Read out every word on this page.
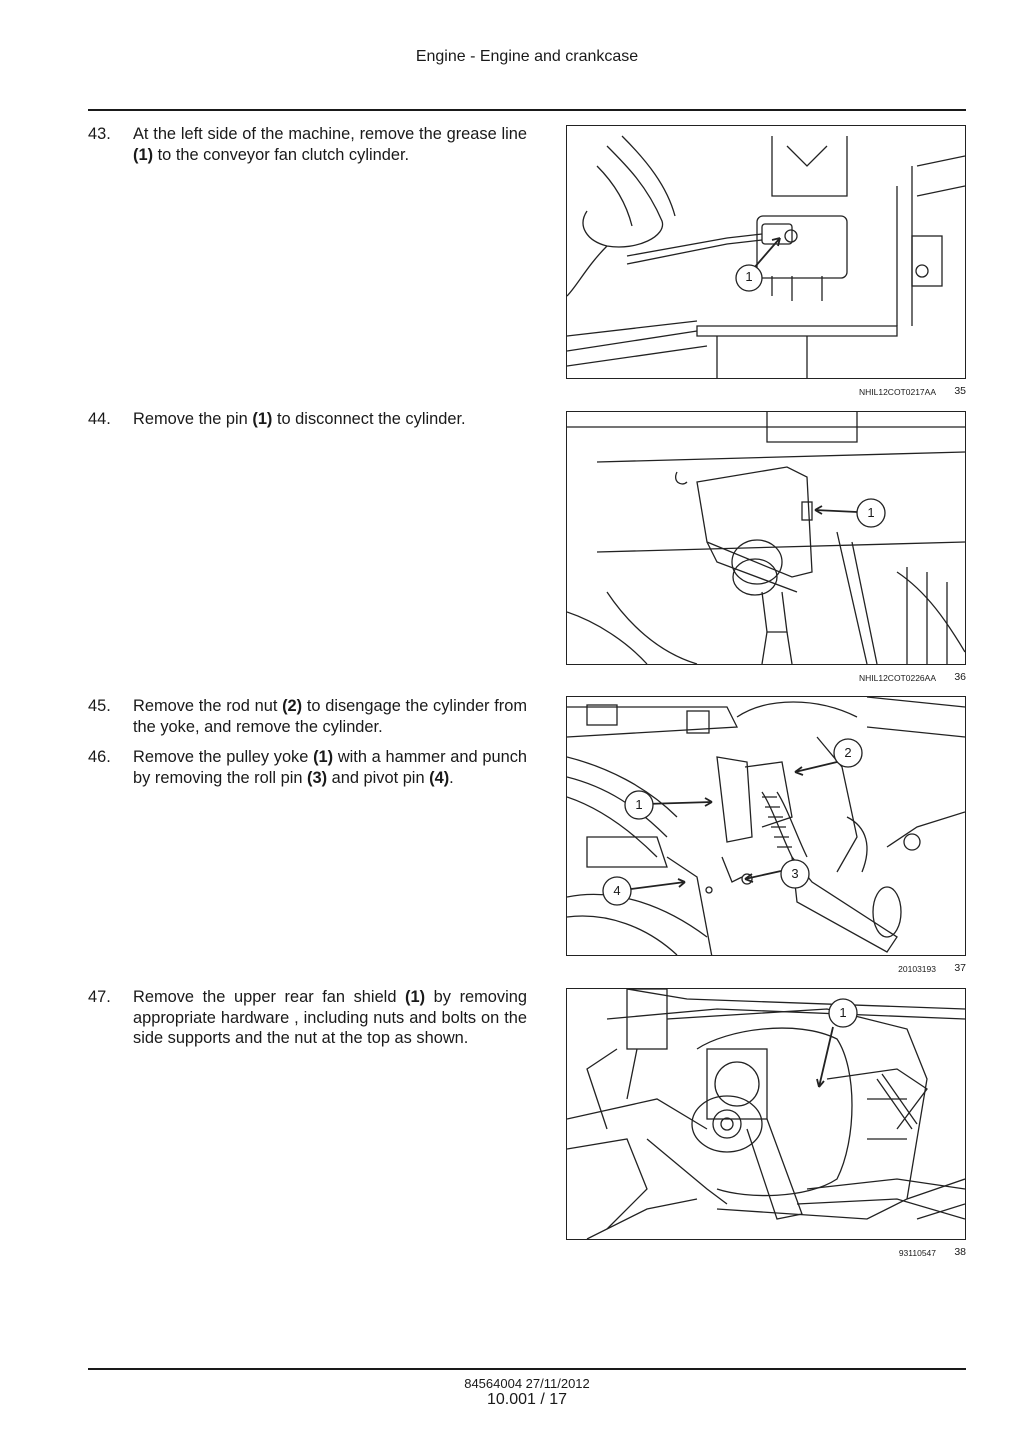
Engine - Engine and crankcase
43. At the left side of the machine, remove the grease line (1) to the conveyor fan clutch cylinder.
1
NHIL12COT0217AA 35
44. Remove the pin (1) to disconnect the cylinder.
1
NHIL12COT0226AA 36
45. Remove the rod nut (2) to disengage the cylinder from the yoke, and remove the cylinder.
46. Remove the pulley yoke (1) with a hammer and punch by removing the roll pin (3) and pivot pin (4).
2
1
3
4
20103193 37
47. Remove the upper rear fan shield (1) by removing appropriate hardware , including nuts and bolts on the side supports and the nut at the top as shown.
1
93110547 38
84564004 27/11/2012
10.001 / 17
